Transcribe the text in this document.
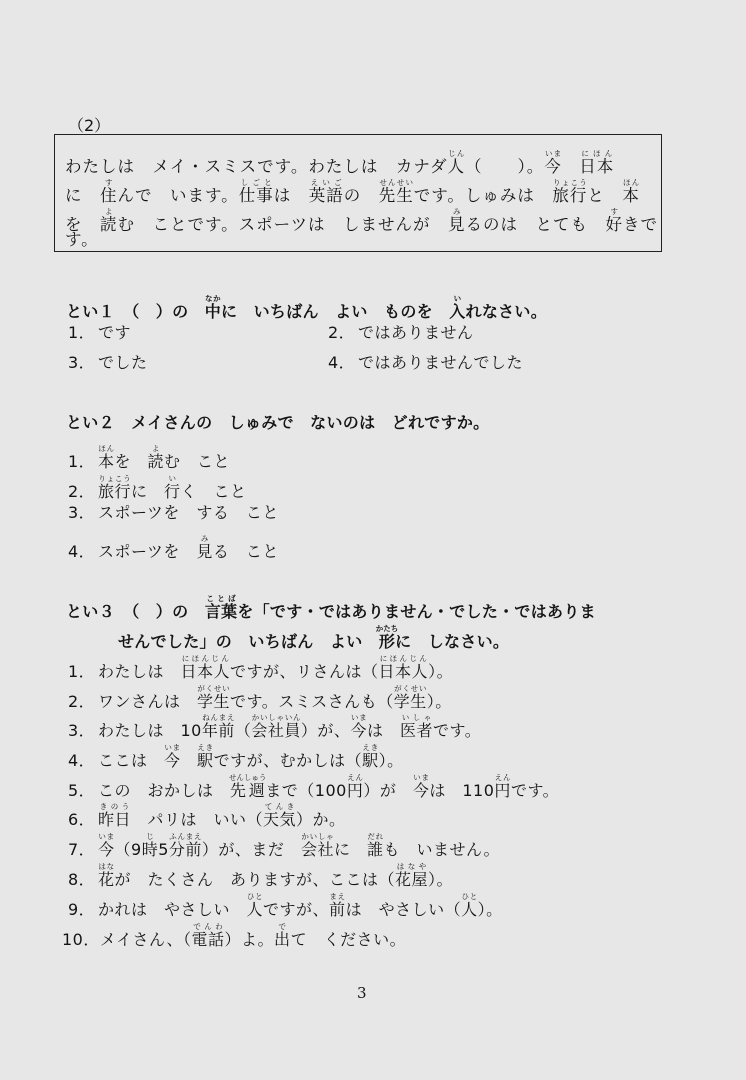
（2）
わたしは　メイ・スミスです。わたしは　カナダ人じん（　　）。今いま　日本にほん
に　住すんで　います。仕事しごとは　英語えいごの　先生せんせいです。しゅみは　旅行りょこうと　本ほん
を　読よむ　ことです。スポーツは　しませんが　見みるのは　とても　好すきで
す。
とい１　（　）の　中なかに　いちばん　よい　ものを　入いれなさい。
1． です	2． ではありません
3． でした	4． ではありませんでした
とい２　メイさんの　しゅみで　ないのは　どれですか。
1． 本ほんを　読よむ　こと
2． 旅行りょこうに　行いく　こと
3． スポーツを　する　こと
4． スポーツを　見みる　こと
とい３　（　）の　言葉ことばを「です・ではありません・でした・ではありま
せんでした」の　いちばん　よい　形かたちに　しなさい。
1． わたしは　日本人にほんじんですが、リさんは（日本人にほんじん）。
2． ワンさんは　学生がくせいです。スミスさんも（学生がくせい）。
3． わたしは　10年前ねんまえ（会社員かいしゃいん）が、今いまは　医者いしゃです。
4． ここは　今いま　駅えきですが、むかしは（駅えき）。
5． この　おかしは　先週せんしゅうまで（100円えん）が　今いまは　110円えんです。
6． 昨日きのう　パリは　いい（天気てんき）か。
7． 今いま（9時じ5分前ふんまえ）が、まだ　会社かいしゃに　誰だれも　いません。
8． 花はなが　たくさん　ありますが、ここは（花屋はなや）。
9． かれは　やさしい　人ひとですが、前まえは　やさしい（人ひと）。
10．メイさん、（電話でんわ）よ。出でて　ください。
3
